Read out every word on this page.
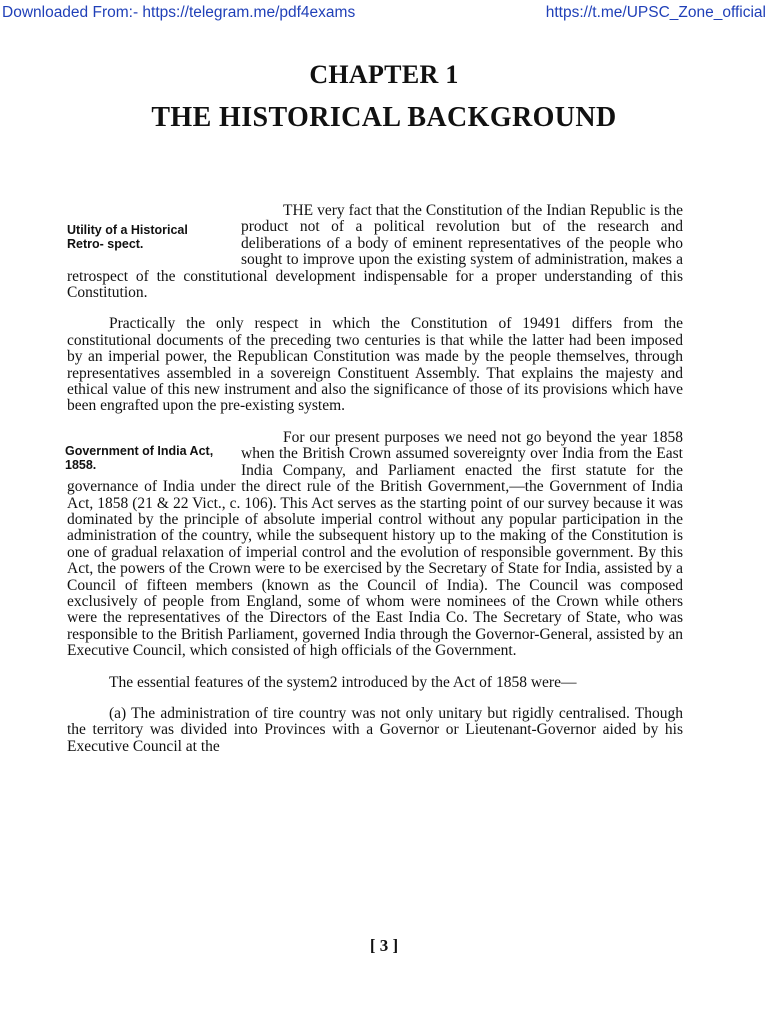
Downloaded From:- https://telegram.me/pdf4exams	https://t.me/UPSC_Zone_official
CHAPTER 1
THE HISTORICAL BACKGROUND

Utility of a Historical Retro- spect.
THE very fact that the Constitution of the Indian Republic is the product not of a political revolution but of the research and deliberations of a body of eminent representatives of the people who sought to improve upon the existing system of administration, makes a retrospect of the constitutional development indispensable for a proper understanding of this Constitution.

Practically the only respect in which the Constitution of 19491 differs from the constitutional documents of the preceding two centuries is that while the latter had been imposed by an imperial power, the Republican Constitution was made by the people themselves, through representatives assembled in a sovereign Constituent Assembly. That explains the majesty and ethical value of this new instrument and also the significance of those of its provisions which have been engrafted upon the pre-existing system.

Government of India Act, 1858.
For our present purposes we need not go beyond the year 1858 when the British Crown assumed sovereignty over India from the East India Company, and Parliament enacted the first statute for the governance of India under the direct rule of the British Government,—the Government of India Act, 1858 (21 & 22 Vict., c. 106). This Act serves as the starting point of our survey because it was dominated by the principle of absolute imperial control without any popular participation in the administration of the country, while the subsequent history up to the making of the Constitution is one of gradual relaxation of imperial control and the evolution of responsible government. By this Act, the powers of the Crown were to be exercised by the Secretary of State for India, assisted by a Council of fifteen members (known as the Council of India). The Council was composed exclusively of people from England, some of whom were nominees of the Crown while others were the representatives of the Directors of the East India Co. The Secretary of State, who was responsible to the British Parliament, governed India through the Governor-General, assisted by an Executive Council, which consisted of high officials of the Government.

The essential features of the system2 introduced by the Act of 1858 were—

(a) The administration of tire country was not only unitary but rigidly centralised. Though the territory was divided into Provinces with a Governor or Lieutenant-Governor aided by his Executive Council at the

[ 3 ]
